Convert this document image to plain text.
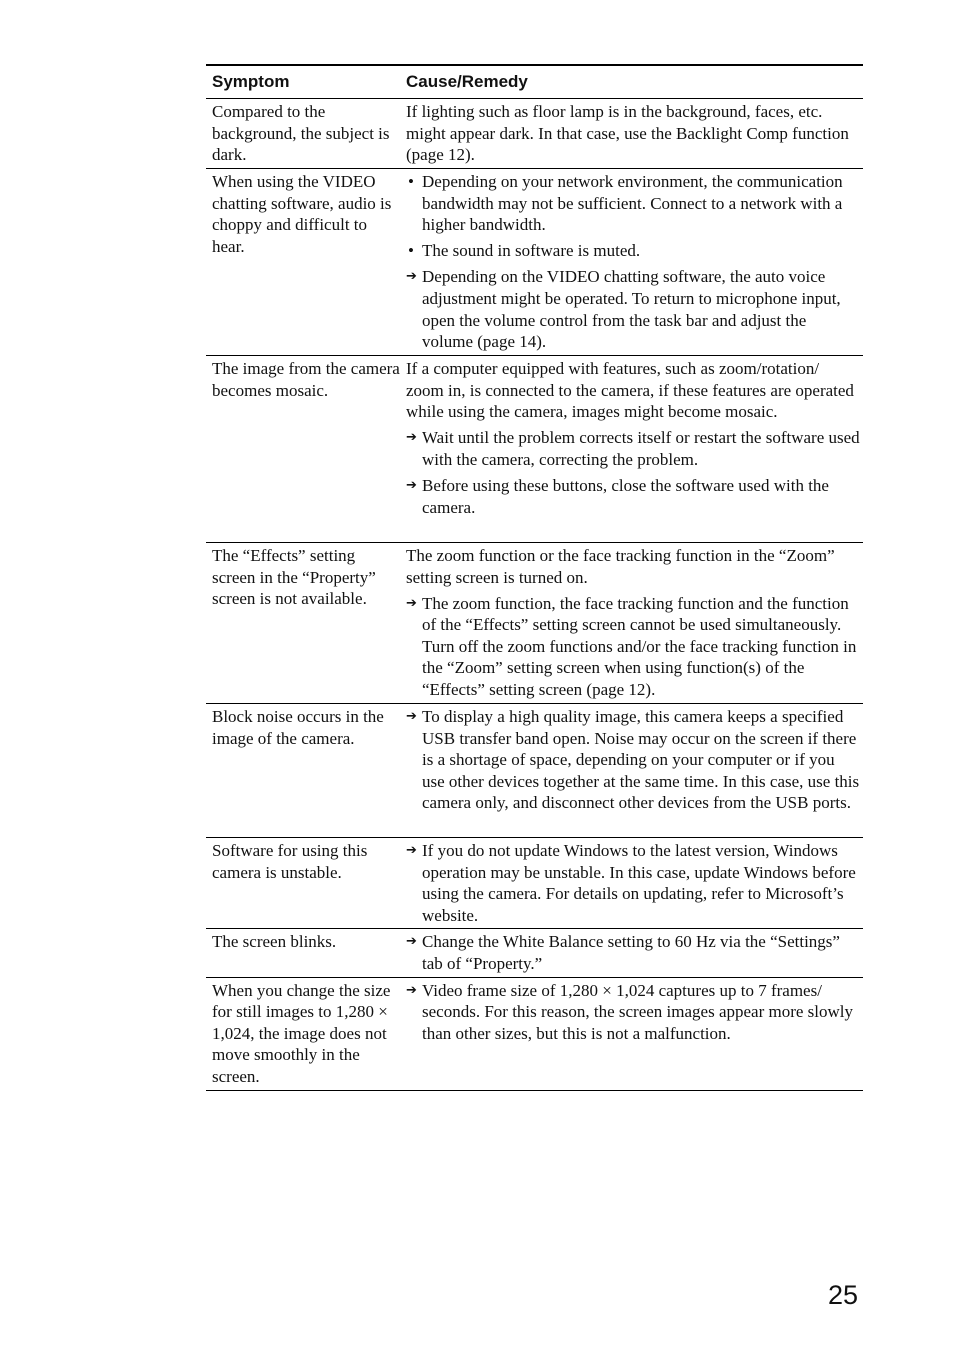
Symptom	Cause/Remedy
Compared to the background, the subject is dark.
If lighting such as floor lamp is in the background, faces, etc. might appear dark. In that case, use the Backlight Comp function (page 12).
When using the VIDEO chatting software, audio is choppy and difficult to hear.
• Depending on your network environment, the communication bandwidth may not be sufficient. Connect to a network with a higher bandwidth.
• The sound in software is muted.
➔ Depending on the VIDEO chatting software, the auto voice adjustment might be operated. To return to microphone input, open the volume control from the task bar and adjust the volume (page 14).
The image from the camera becomes mosaic.
If a computer equipped with features, such as zoom/rotation/ zoom in, is connected to the camera, if these features are operated while using the camera, images might become mosaic.
➔ Wait until the problem corrects itself or restart the software used with the camera, correcting the problem.
➔ Before using these buttons, close the software used with the camera.
The “Effects” setting screen in the “Property” screen is not available.
The zoom function or the face tracking function in the “Zoom” setting screen is turned on.
➔ The zoom function, the face tracking function and the function of the “Effects” setting screen cannot be used simultaneously. Turn off the zoom functions and/or the face tracking function in the “Zoom” setting screen when using function(s) of the “Effects” setting screen (page 12).
Block noise occurs in the image of the camera.
➔ To display a high quality image, this camera keeps a specified USB transfer band open. Noise may occur on the screen if there is a shortage of space, depending on your computer or if you use other devices together at the same time. In this case, use this camera only, and disconnect other devices from the USB ports.
Software for using this camera is unstable.
➔ If you do not update Windows to the latest version, Windows operation may be unstable. In this case, update Windows before using the camera. For details on updating, refer to Microsoft’s website.
The screen blinks.	➔ Change the White Balance setting to 60 Hz via the “Settings” tab of “Property.”
When you change the size for still images to 1,280 × 1,024, the image does not move smoothly in the screen.
➔ Video frame size of 1,280 × 1,024 captures up to 7 frames/ seconds. For this reason, the screen images appear more slowly than other sizes, but this is not a malfunction.
25
